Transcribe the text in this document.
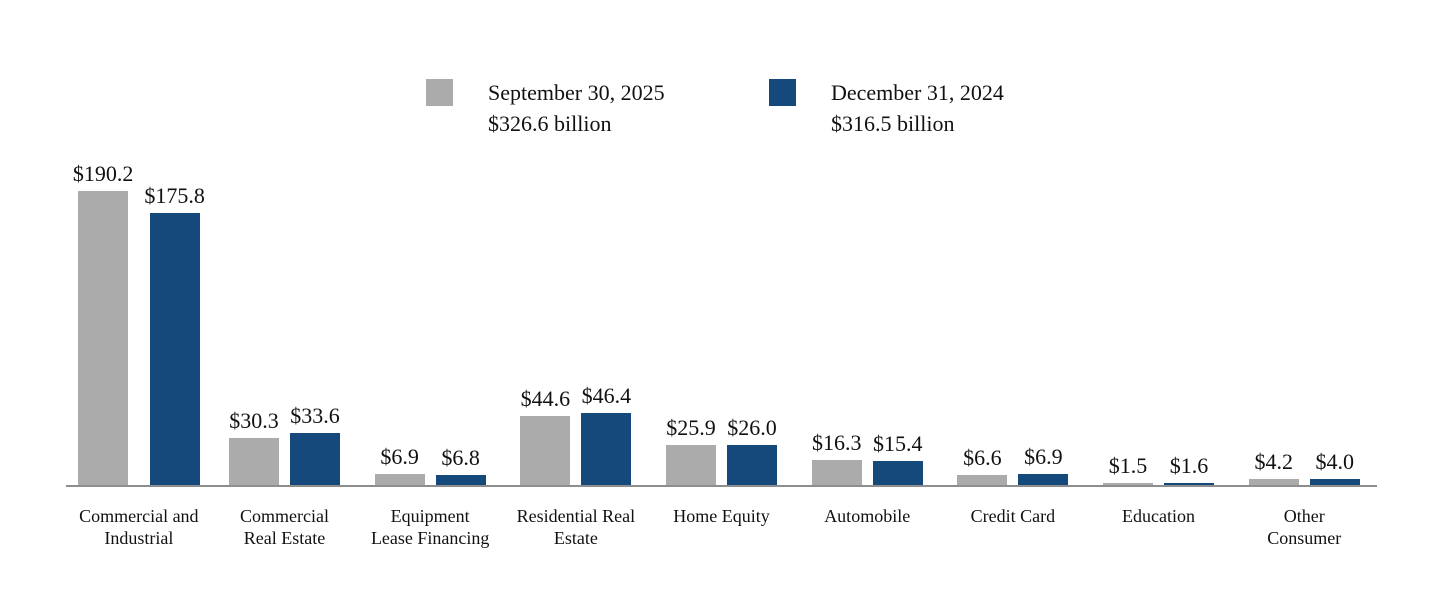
September 30, 2025
$326.6 billion
December 31, 2024
$316.5 billion
$190.2
$175.8
$30.3 $33.6
$6.9 $6.8
$44.6 $46.4
$25.9 $26.0
$16.3 $15.4
$6.6 $6.9 $1.5 $1.6 $4.2 $4.0
Commercial and
Industrial
Commercial
Real Estate
Equipment
Lease Financing
Residential Real
Estate
Home Equity	Automobile	Credit Card	Education	Other
Consumer
